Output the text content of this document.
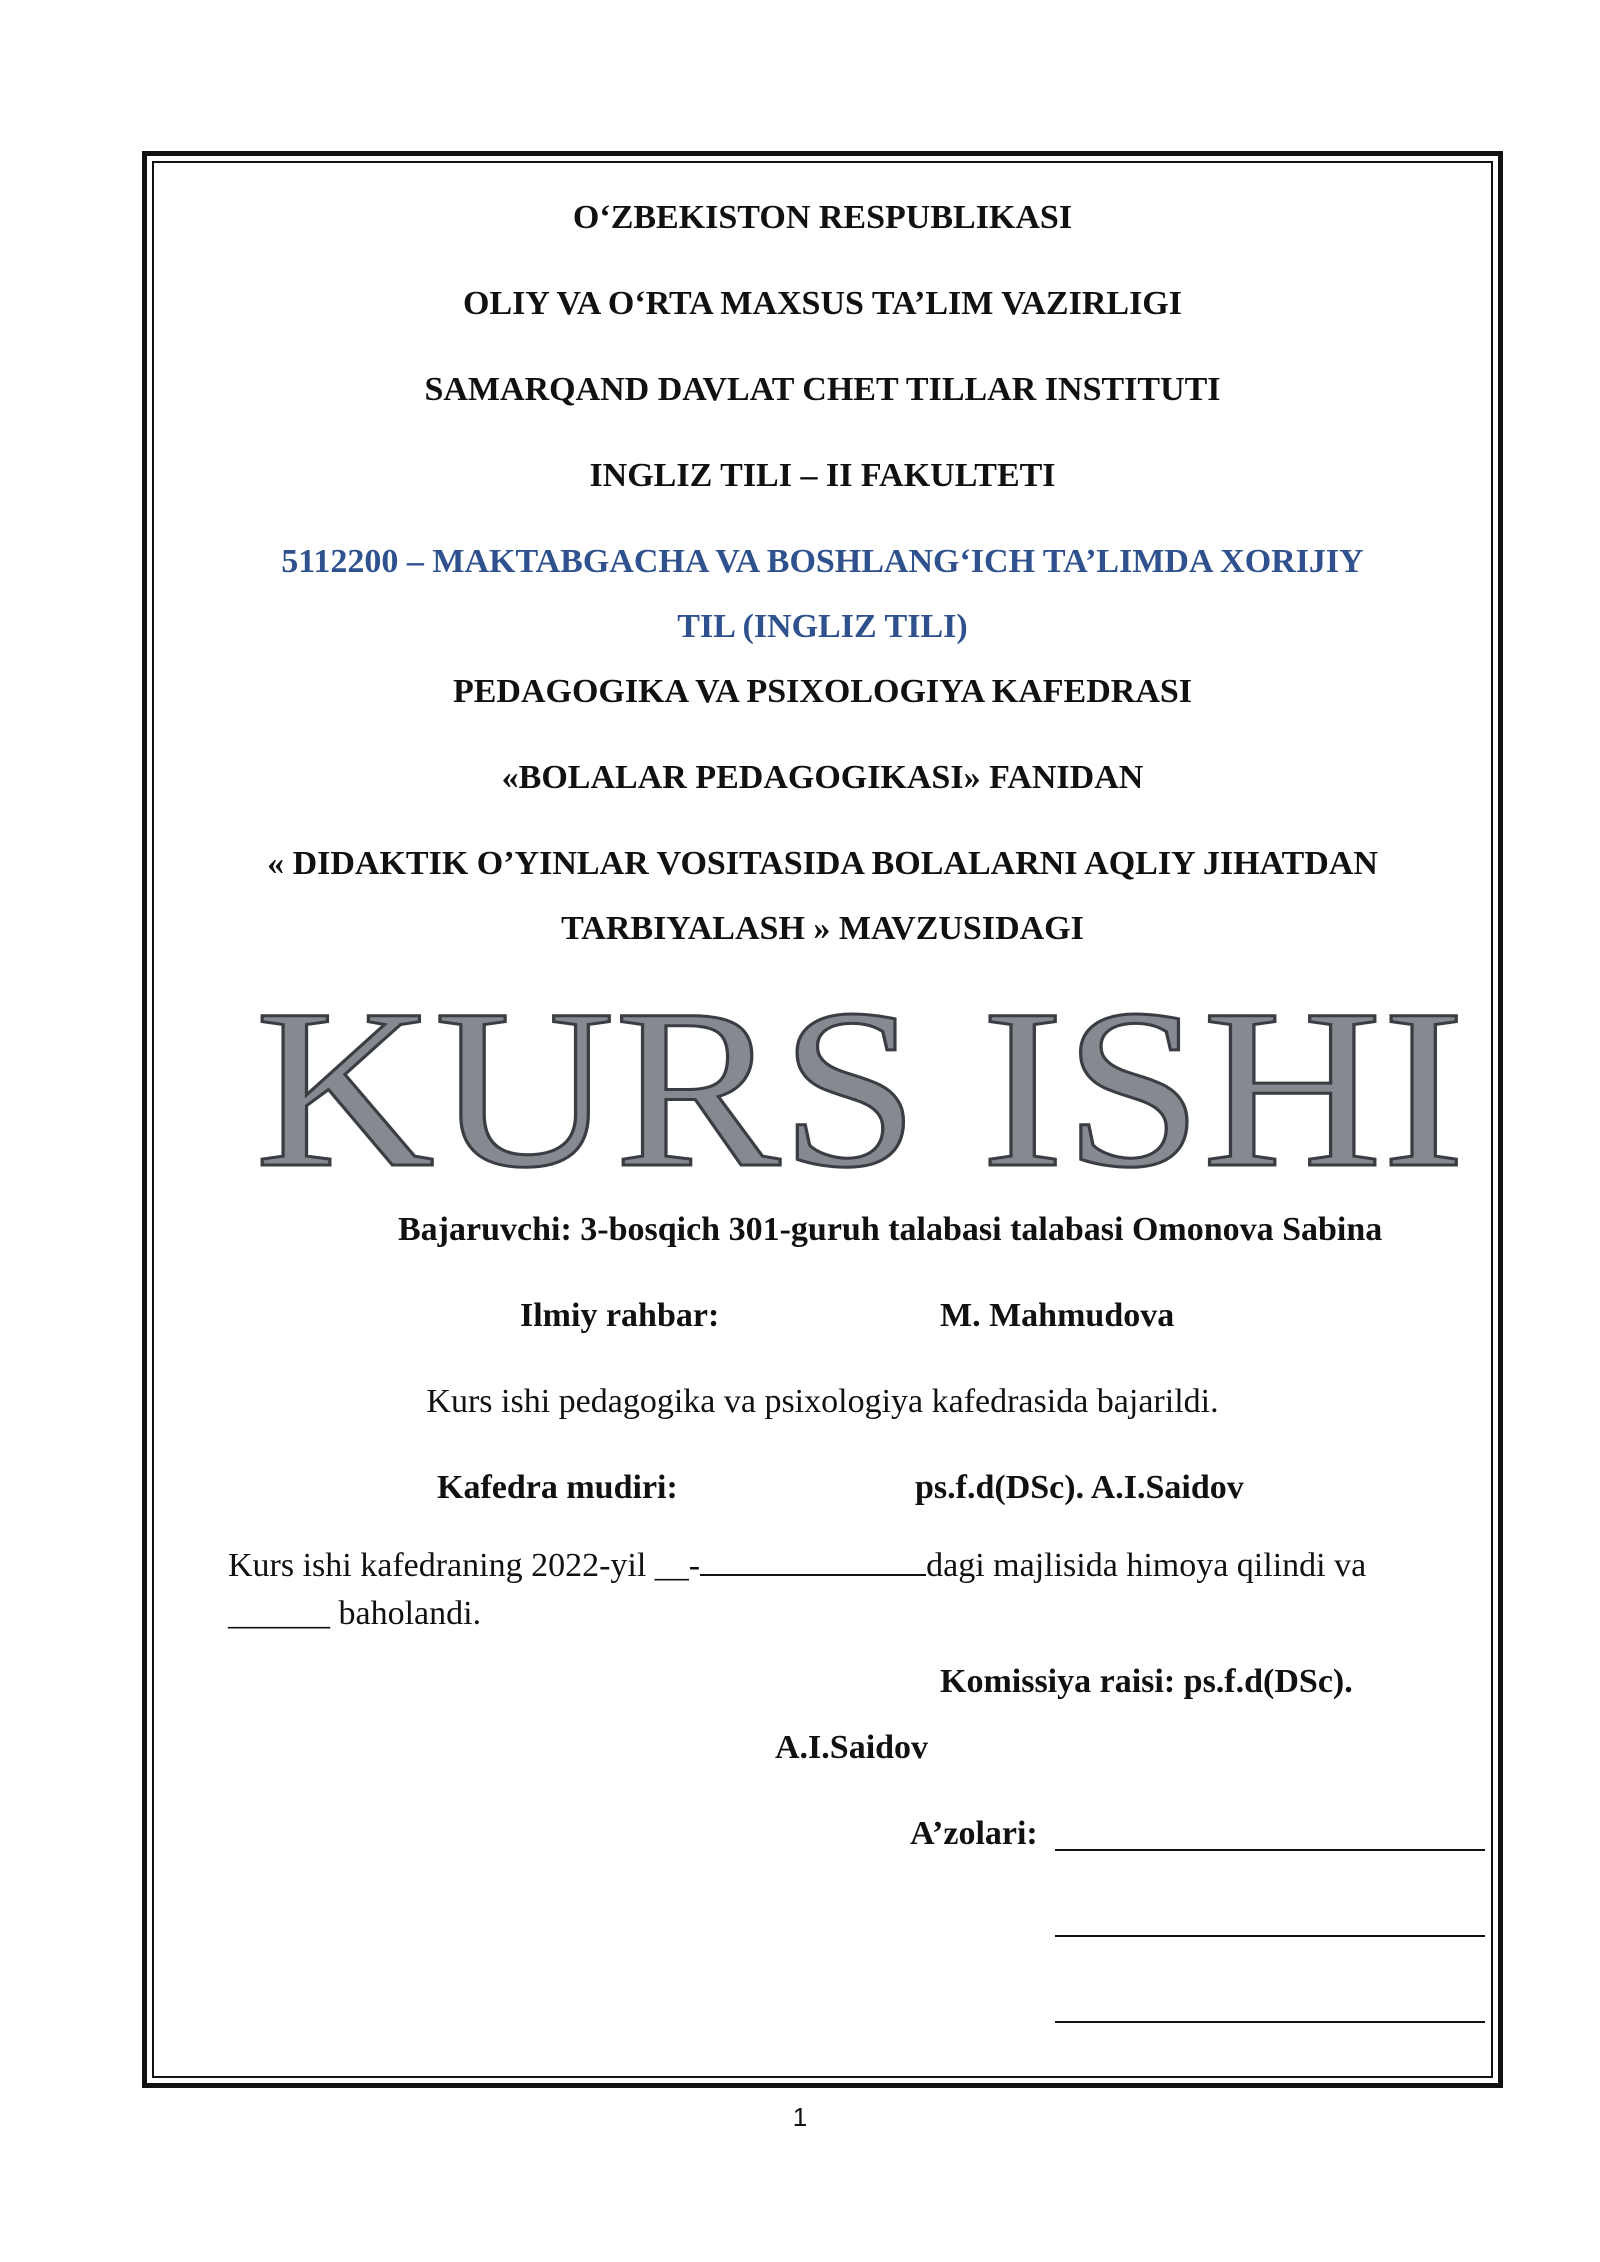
O‘ZBEKISTON RESPUBLIKASI
OLIY VA O‘RTA MAXSUS TA’LIM VAZIRLIGI
SAMARQAND DAVLAT CHET TILLAR INSTITUTI
INGLIZ TILI – II FAKULTETI
5112200 – MAKTABGACHA VA BOSHLANG‘ICH TA’LIMDA XORIJIY
TIL (INGLIZ TILI)
PEDAGOGIKA VA PSIXOLOGIYA KAFEDRASI
«BOLALAR PEDAGOGIKASI» FANIDAN
« DIDAKTIK O’YINLAR VOSITASIDA BOLALARNI AQLIY JIHATDAN
TARBIYALASH » MAVZUSIDAGI
KURS ISHI
Bajaruvchi: 3-bosqich 301-guruh talabasi talabasi Omonova Sabina
Ilmiy rahbar:	M. Mahmudova
Kurs ishi pedagogika va psixologiya kafedrasida bajarildi.
Kafedra mudiri:	ps.f.d(DSc). A.I.Saidov
Kurs ishi kafedraning 2022-yil __-	dagi majlisida himoya qilindi va
______ baholandi.
Komissiya raisi: ps.f.d(DSc).
A.I.Saidov
A’zolari:
1
